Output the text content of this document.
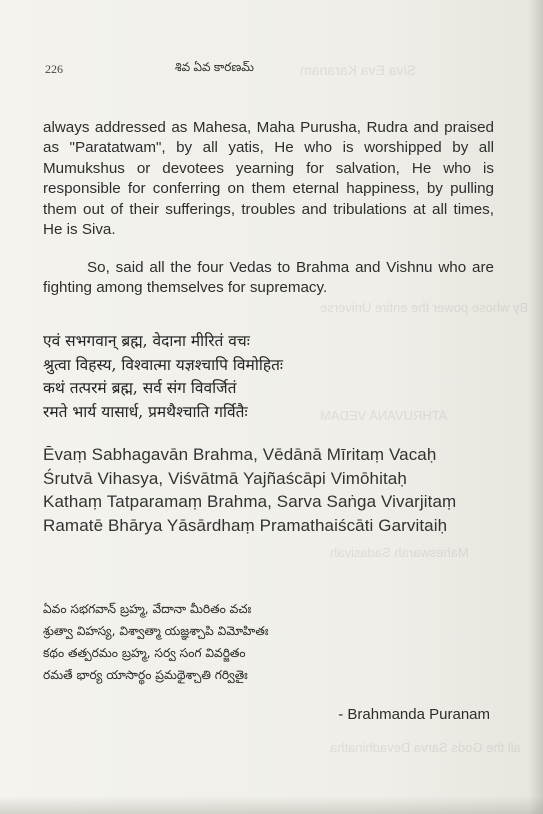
Siva Eva Karanam
By whose power the entire Universe
ATHRUVANA VEDAM
Maheswarah Sadasivah
all the Gods Sarva Devadhinatha
226	శివ ఏవ కారణమ్
always addressed as Mahesa, Maha Purusha, Rudra and praised as "Paratatwam", by all yatis, He who is worshipped by all Mumukshus or devotees yearning for salvation, He who is responsible for conferring on them eternal happiness, by pulling them out of their sufferings, troubles and tribulations at all times, He is Siva.
So, said all the four Vedas to Brahma and Vishnu who are fighting among themselves for supremacy.
एवं सभगवान् ब्रह्म, वेदाना मीरितं वचः
श्रुत्वा विहस्य, विश्वात्मा यज्ञश्चापि विमोहितः
कथं तत्परमं ब्रह्म, सर्व संग विवर्जितं
रमते भार्य यासार्ध, प्रमथैश्चाति गर्वितैः
Ēvaṃ Sabhagavān Brahma, Vēdānā Mīritaṃ Vacaḥ
Śrutvā Vihasya, Viśvātmā Yajñaścāpi Vimōhitaḥ
Kathaṃ Tatparamaṃ Brahma, Sarva Saṅga Vivarjitaṃ
Ramatē Bhārya Yāsārdhaṃ Pramathaiścāti Garvitaiḥ
ఏవం సభగవాన్ బ్రహ్మ, వేదానా మీరితం వచః
శ్రుత్వా విహస్య, విశ్వాత్మా యజ్ఞశ్చాపి విమోహితః
కథం తత్పరమం బ్రహ్మ, సర్వ సంగ వివర్జితం
రమతే భార్య యాసార్థం ప్రమథైశ్చాతి గర్వితైః
- Brahmanda Puranam
